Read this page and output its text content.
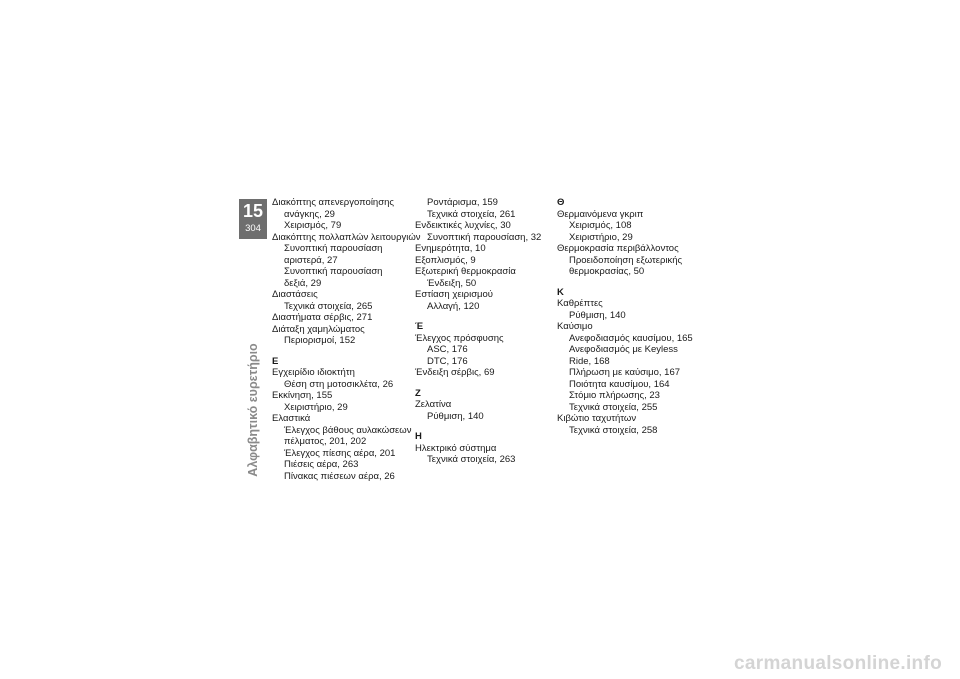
15
304
Αλφαβητικό ευρετήριο
Διακόπτης απενεργοποίησης
ανάγκης, 29
Χειρισμός, 79
Διακόπτης πολλαπλών λειτουργιών
Συνοπτική παρουσίαση
αριστερά, 27
Συνοπτική παρουσίαση
δεξιά, 29
Διαστάσεις
Τεχνικά στοιχεία, 265
Διαστήματα σέρβις, 271
Διάταξη χαμηλώματος
Περιορισμοί, 152
Ε
Εγχειρίδιο ιδιοκτήτη
Θέση στη μοτοσικλέτα, 26
Εκκίνηση, 155
Χειριστήριο, 29
Ελαστικά
Έλεγχος βάθους αυλακώσεων
πέλματος, 201, 202
Έλεγχος πίεσης αέρα, 201
Πιέσεις αέρα, 263
Πίνακας πιέσεων αέρα, 26
Ροντάρισμα, 159
Τεχνικά στοιχεία, 261
Ενδεικτικές λυχνίες, 30
Συνοπτική παρουσίαση, 32
Ενημερότητα, 10
Εξοπλισμός, 9
Εξωτερική θερμοκρασία
Ένδειξη, 50
Εστίαση χειρισμού
Αλλαγή, 120
Έ
Έλεγχος πρόσφυσης
ASC, 176
DTC, 176
Ένδειξη σέρβις, 69
Ζ
Ζελατίνα
Ρύθμιση, 140
Η
Ηλεκτρικό σύστημα
Τεχνικά στοιχεία, 263
Θ
Θερμαινόμενα γκριπ
Χειρισμός, 108
Χειριστήριο, 29
Θερμοκρασία περιβάλλοντος
Προειδοποίηση εξωτερικής
θερμοκρασίας, 50
Κ
Καθρέπτες
Ρύθμιση, 140
Καύσιμο
Ανεφοδιασμός καυσίμου, 165
Ανεφοδιασμός με Keyless
Ride, 168
Πλήρωση με καύσιμο, 167
Ποιότητα καυσίμου, 164
Στόμιο πλήρωσης, 23
Τεχνικά στοιχεία, 255
Κιβώτιο ταχυτήτων
Τεχνικά στοιχεία, 258
carmanualsonline.info
